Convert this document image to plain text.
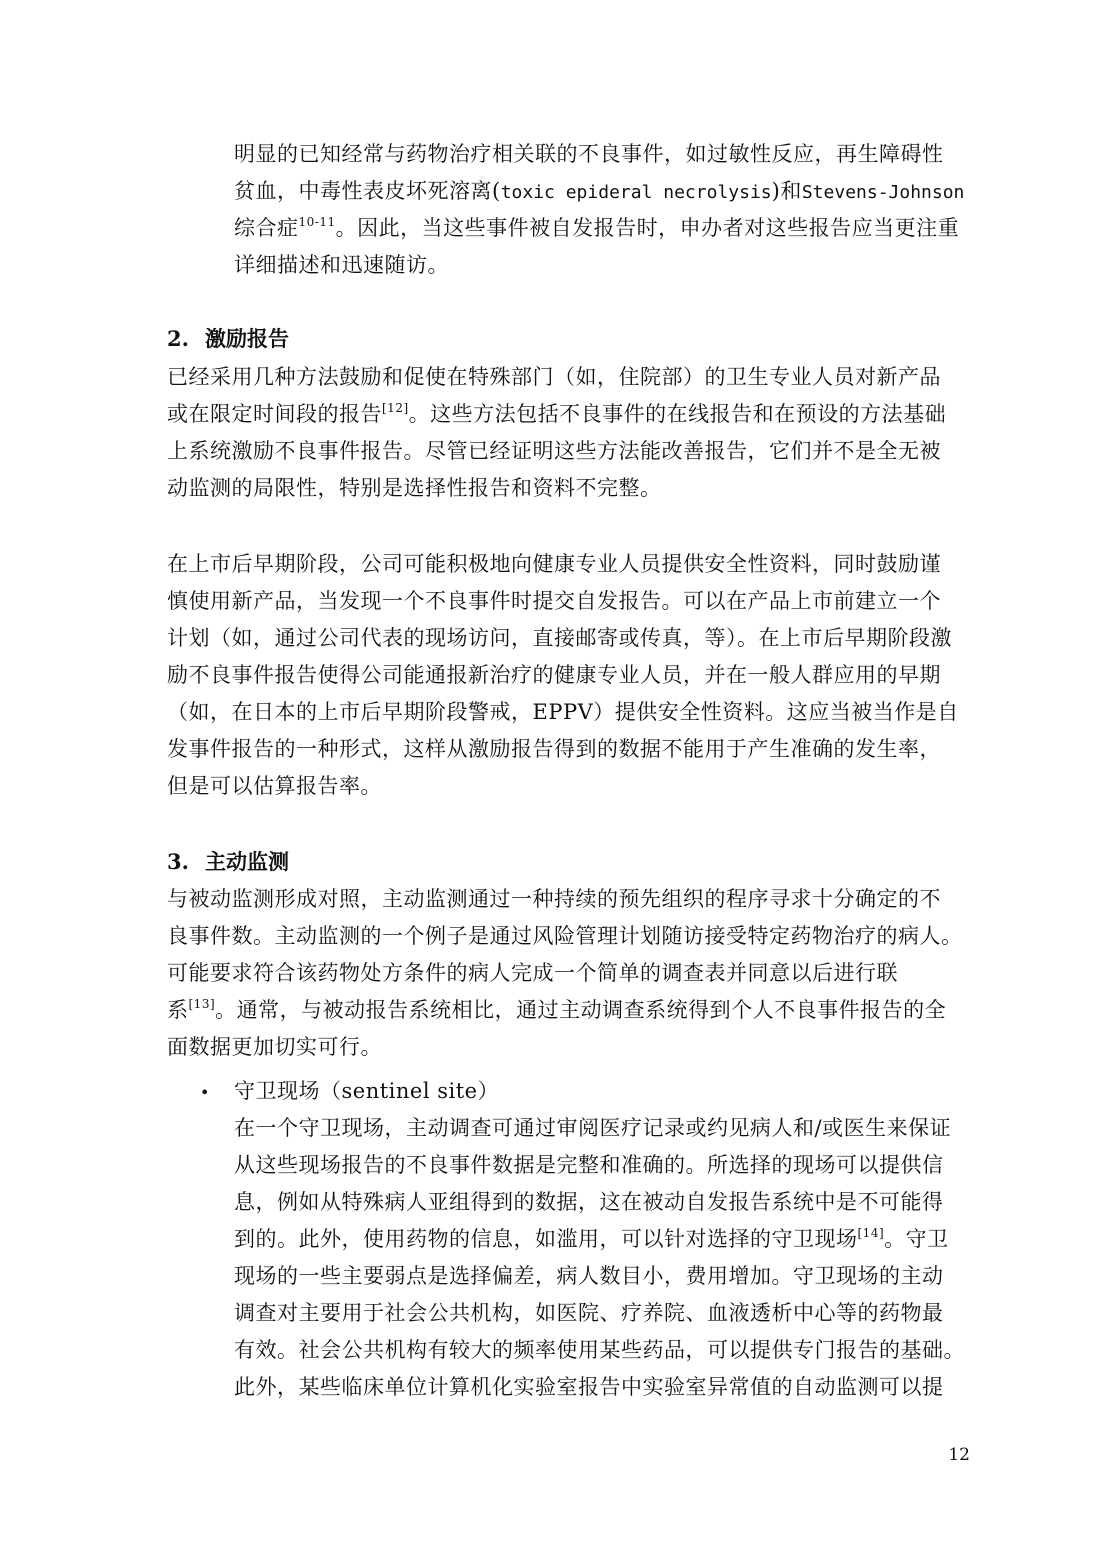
明显的已知经常与药物治疗相关联的不良事件，如过敏性反应，再生障碍性
贫血，中毒性表皮坏死溶离(toxic epideral necrolysis)和Stevens-Johnson
综合症$^{10-11}$。因此，当这些事件被自发报告时，申办者对这些报告应当更注重
详细描述和迅速随访。
2. 激励报告
已经采用几种方法鼓励和促使在特殊部门（如，住院部）的卫生专业人员对新产品
或在限定时间段的报告[12]。这些方法包括不良事件的在线报告和在预设的方法基础
上系统激励不良事件报告。尽管已经证明这些方法能改善报告，它们并不是全无被
动监测的局限性，特别是选择性报告和资料不完整。
在上市后早期阶段，公司可能积极地向健康专业人员提供安全性资料，同时鼓励谨
慎使用新产品，当发现一个不良事件时提交自发报告。可以在产品上市前建立一个
计划（如，通过公司代表的现场访问，直接邮寄或传真，等）。在上市后早期阶段激
励不良事件报告使得公司能通报新治疗的健康专业人员，并在一般人群应用的早期
（如，在日本的上市后早期阶段警戒，EPPV）提供安全性资料。这应当被当作是自
发事件报告的一种形式，这样从激励报告得到的数据不能用于产生准确的发生率，
但是可以估算报告率。
3. 主动监测
与被动监测形成对照，主动监测通过一种持续的预先组织的程序寻求十分确定的不
良事件数。主动监测的一个例子是通过风险管理计划随访接受特定药物治疗的病人。
可能要求符合该药物处方条件的病人完成一个简单的调查表并同意以后进行联
系[13]。通常，与被动报告系统相比，通过主动调查系统得到个人不良事件报告的全
面数据更加切实可行。
• 守卫现场（sentinel site）
在一个守卫现场，主动调查可通过审阅医疗记录或约见病人和/或医生来保证
从这些现场报告的不良事件数据是完整和准确的。所选择的现场可以提供信
息，例如从特殊病人亚组得到的数据，这在被动自发报告系统中是不可能得
到的。此外，使用药物的信息，如滥用，可以针对选择的守卫现场[14]。守卫
现场的一些主要弱点是选择偏差，病人数目小，费用增加。守卫现场的主动
调查对主要用于社会公共机构，如医院、疗养院、血液透析中心等的药物最
有效。社会公共机构有较大的频率使用某些药品，可以提供专门报告的基础。
此外，某些临床单位计算机化实验室报告中实验室异常值的自动监测可以提
12
